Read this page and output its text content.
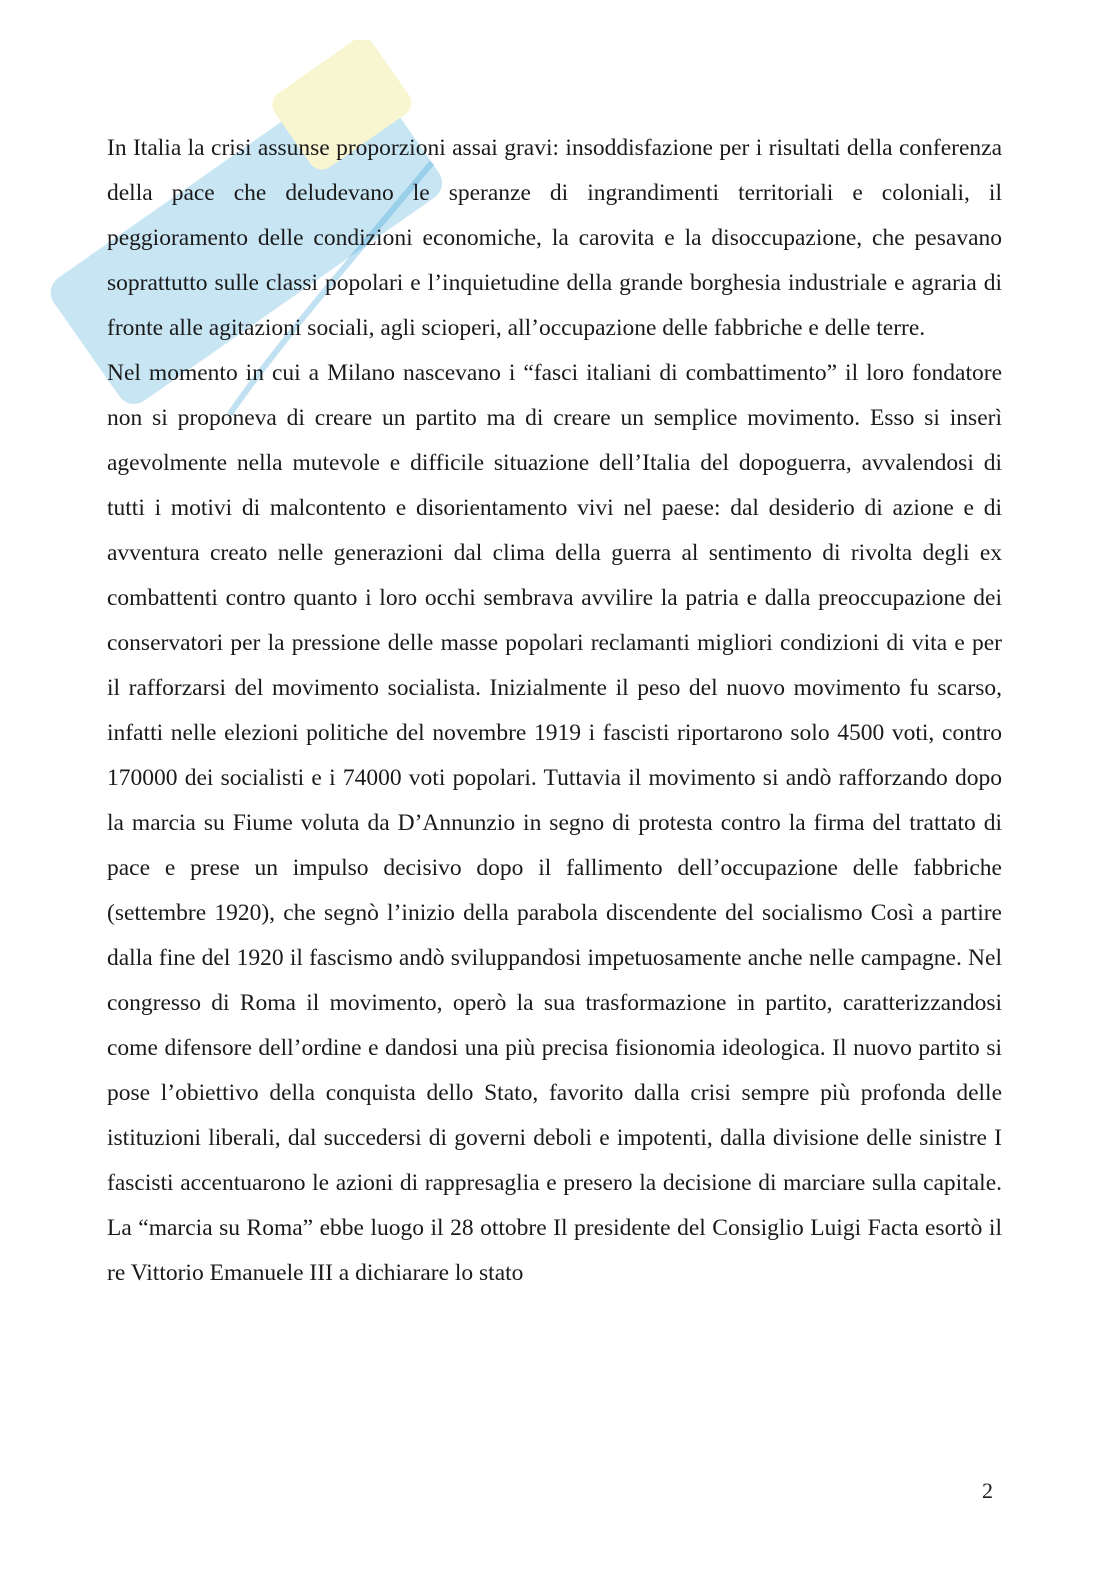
In Italia la crisi assunse proporzioni assai gravi: insoddisfazione per i risultati della conferenza della pace che deludevano le speranze di ingrandimenti territoriali e coloniali, il peggioramento delle condizioni economiche, la carovita e la disoccupazione, che pesavano soprattutto sulle classi popolari e l’inquietudine della grande borghesia industriale e agraria di fronte alle agitazioni sociali, agli scioperi, all’occupazione delle fabbriche e delle terre.

Nel momento in cui a Milano nascevano i “fasci italiani di combattimento” il loro fondatore non si proponeva di creare un partito ma di creare un semplice movimento. Esso si inserì agevolmente nella mutevole e difficile situazione dell’Italia del dopoguerra, avvalendosi di tutti i motivi di malcontento e disorientamento vivi nel paese: dal desiderio di azione e di avventura creato nelle generazioni dal clima della guerra al sentimento di rivolta degli ex combattenti contro quanto i loro occhi sembrava avvilire la patria e dalla preoccupazione dei conservatori per la pressione delle masse popolari reclamanti migliori condizioni di vita e per il rafforzarsi del movimento socialista. Inizialmente il peso del nuovo movimento fu scarso, infatti nelle elezioni politiche del novembre 1919 i fascisti riportarono solo 4500 voti, contro 170000 dei socialisti e i 74000 voti popolari. Tuttavia il movimento si andò rafforzando dopo la marcia su Fiume voluta da D’Annunzio in segno di protesta contro la firma del trattato di pace e prese un impulso decisivo dopo il fallimento dell’occupazione delle fabbriche (settembre 1920), che segnò l’inizio della parabola discendente del socialismo Così a partire dalla fine del 1920 il fascismo andò sviluppandosi impetuosamente anche nelle campagne. Nel congresso di Roma il movimento, operò la sua trasformazione in partito, caratterizzandosi come difensore dell’ordine e dandosi una più precisa fisionomia ideologica. Il nuovo partito si pose l’obiettivo della conquista dello Stato, favorito dalla crisi sempre più profonda delle istituzioni liberali, dal succedersi di governi deboli e impotenti, dalla divisione delle sinistre I fascisti accentuarono le azioni di rappresaglia e presero la decisione di marciare sulla capitale. La “marcia su Roma” ebbe luogo il 28 ottobre Il presidente del Consiglio Luigi Facta esortò il re Vittorio Emanuele III a dichiarare lo stato

2
